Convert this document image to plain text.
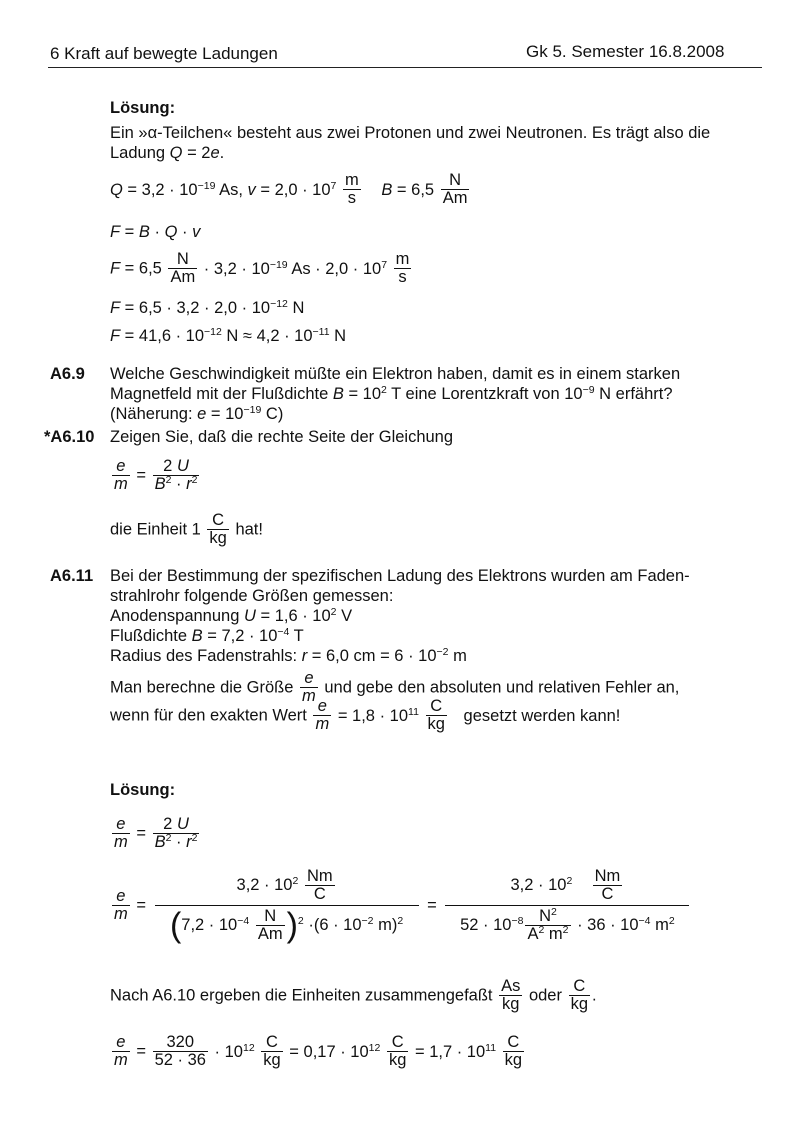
6 Kraft auf bewegte Ladungen	Gk 5. Semester 16.8.2008
Lösung:
Ein »α-Teilchen« besteht aus zwei Protonen und zwei Neutronen. Es trägt also die
Ladung Q = 2e.
$Q = 3,2 \cdot 10^{-19}$ As, $v = 2,0 \cdot 10^7 \frac{m}{s}$ $B = 6,5 \frac{N}{Am}$
F = B · Q · v
$F = 6,5 \frac{N}{Am} \cdot 3,2 \cdot 10^{-19}$ $As \cdot 2,0 \cdot 10^7 \frac{m}{s}$
$F = 6,5 \cdot 3,2 \cdot 2,0 \cdot 10^{-12}$ N
$F = 41,6 \cdot 10^{-12}$ $N \approx 4,2 \cdot 10^{-11}$ N
A6.9 Welche Geschwindigkeit müßte ein Elektron haben, damit es in einem starken
Magnetfeld mit der Flußdichte $B = 10^2$ T eine Lorentzkraft von $10^{-9}$ N erfährt?
(Näherung: $e = 10^{-19}$ C)
*A6.10 Zeigen Sie, daß die rechte Seite der Gleichung
$\frac{e}{m} = \frac{2 U}{B^2 \cdot r^2}$
die Einheit $1 \frac{C}{kg}$ hat!
A6.11 Bei der Bestimmung der spezifischen Ladung des Elektrons wurden am Faden-
strahlrohr folgende Größen gemessen:
Anodenspannung $U = 1,6 \cdot 10^2$ V
Flußdichte $B = 7,2 \cdot 10^{-4}$ T
Radius des Fadenstrahls: r = 6,0 cm = $6 \cdot 10^{-2}$ m
Man berechne die Größe $\frac{e}{m}$ und gebe den absoluten und relativen Fehler an,
wenn für den exakten Wert $\frac{e}{m} = 1,8 \cdot 10^{11} \frac{C}{kg}$ gesetzt werden kann!
Lösung:
$\frac{e}{m} = \frac{2 U}{B^2 \cdot r^2}$
$\frac{e}{m} = \frac{3,2 \cdot 10^2 \frac{Nm}{C}}{(7,2 \cdot 10^{-4} \frac{N}{Am} )^2 \cdot(6 \cdot 10^{-2} m)^2} = \frac{3,2 \cdot 10^2 \frac{Nm}{C}}{52 \cdot 10^{-8} \frac{N^2}{A^2 m^2} \cdot 36 \cdot 10^{-4} m^2}$
Nach A6.10 ergeben die Einheiten zusammengefaßt $\frac{As}{kg}$ oder $\frac{C}{kg}$ .
$\frac{e}{m} = \frac{320}{52 \cdot 36} \cdot 10^{12} \frac{C}{kg} = 0,17 \cdot 10^{12} \frac{C}{kg} = 1,7 \cdot 10^{11} \frac{C}{kg}$
